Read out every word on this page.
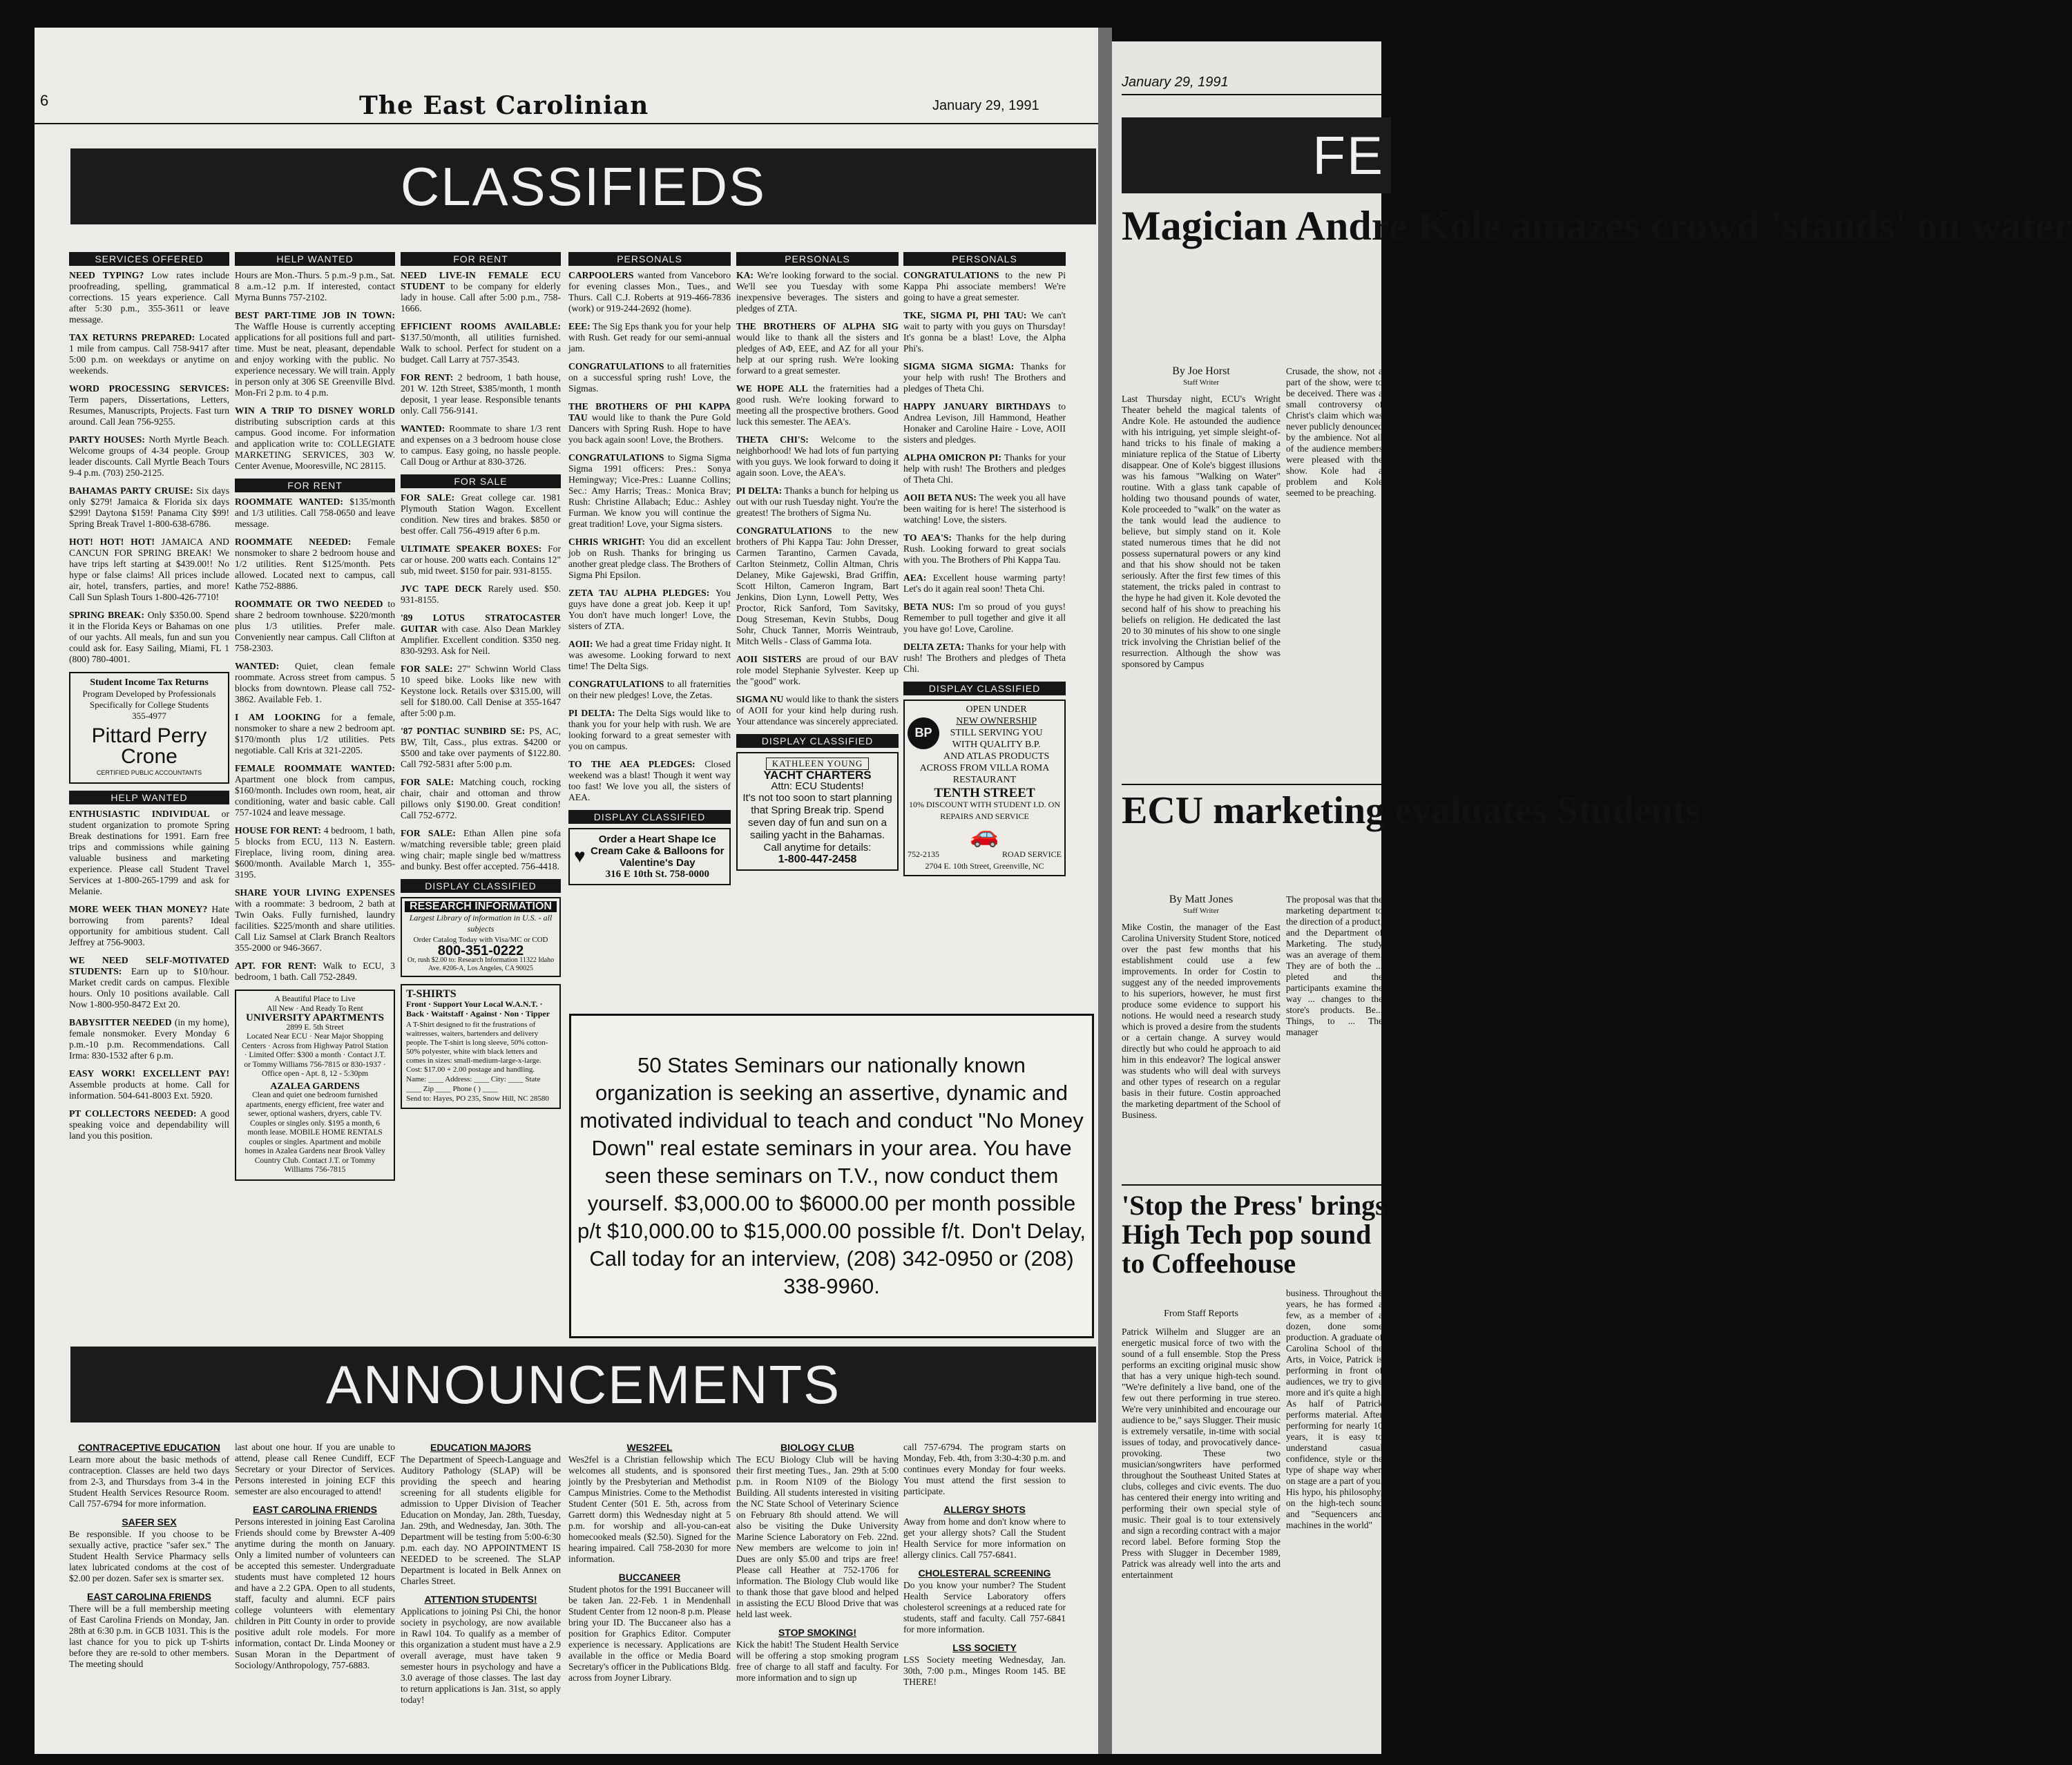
6	The East Carolinian	January 29, 1991
CLASSIFIEDS
SERVICES OFFERED
NEED TYPING? Low rates include proofreading, spelling, grammatical corrections. 15 years experience. Call after 5:30 p.m., 355-3611 or leave message.
TAX RETURNS PREPARED: Located 1 mile from campus. Call 758-9417 after 5:00 p.m. on weekdays or anytime on weekends.
WORD PROCESSING SERVICES: Term papers, Dissertations, Letters, Resumes, Manuscripts, Projects. Fast turn around. Call Jean 756-9255.
PARTY HOUSES: North Myrtle Beach. Welcome groups of 4-34 people. Group leader discounts. Call Myrtle Beach Tours 9-4 p.m. (703) 250-2125.
BAHAMAS PARTY CRUISE: Six days only $279! Jamaica & Florida six days $299! Daytona $159! Panama City $99! Spring Break Travel 1-800-638-6786.
HOT! HOT! HOT! JAMAICA AND CANCUN FOR SPRING BREAK! We have trips left starting at $439.00!! No hype or false claims! All prices include air, hotel, transfers, parties, and more! Call Sun Splash Tours 1-800-426-7710!
SPRING BREAK: Only $350.00. Spend it in the Florida Keys or Bahamas on one of our yachts. All meals, fun and sun you could ask for. Easy Sailing, Miami, FL 1 (800) 780-4001.
Student Income Tax Returns
Program Developed by Professionals Specifically for College Students
355-4977
Pittard Perry Crone
CERTIFIED PUBLIC ACCOUNTANTS
HELP WANTED
ENTHUSIASTIC INDIVIDUAL or student organization to promote Spring Break destinations for 1991. Earn free trips and commissions while gaining valuable business and marketing experience. Please call Student Travel Services at 1-800-265-1799 and ask for Melanie.
MORE WEEK THAN MONEY? Hate borrowing from parents? Ideal opportunity for ambitious student. Call Jeffrey at 756-9003.
WE NEED SELF-MOTIVATED STUDENTS: Earn up to $10/hour. Market credit cards on campus. Flexible hours. Only 10 positions available. Call Now 1-800-950-8472 Ext 20.
BABYSITTER NEEDED (in my home), female nonsmoker. Every Monday 6 p.m.-10 p.m. Recommendations. Call Irma: 830-1532 after 6 p.m.
EASY WORK! EXCELLENT PAY! Assemble products at home. Call for information. 504-641-8003 Ext. 5920.
PT COLLECTORS NEEDED: A good speaking voice and dependability will land you this position.
HELP WANTED
Hours are Mon.-Thurs. 5 p.m.-9 p.m., Sat. 8 a.m.-12 p.m. If interested, contact Myrna Bunns 757-2102.
BEST PART-TIME JOB IN TOWN: The Waffle House is currently accepting applications for all positions full and part-time. Must be neat, pleasant, dependable and enjoy working with the public. No experience necessary. We will train. Apply in person only at 306 SE Greenville Blvd. Mon-Fri 2 p.m. to 4 p.m.
WIN A TRIP TO DISNEY WORLD distributing subscription cards at this campus. Good income. For information and application write to: COLLEGIATE MARKETING SERVICES, 303 W. Center Avenue, Mooresville, NC 28115.
FOR RENT
ROOMMATE WANTED: $135/month and 1/3 utilities. Call 758-0650 and leave message.
ROOMMATE NEEDED: Female nonsmoker to share 2 bedroom house and 1/2 utilities. Rent $125/month. Pets allowed. Located next to campus, call Kathe 752-8886.
ROOMMATE OR TWO NEEDED to share 2 bedroom townhouse. $220/month plus 1/3 utilities. Prefer male. Conveniently near campus. Call Clifton at 758-2303.
WANTED: Quiet, clean female roommate. Across street from campus. 5 blocks from downtown. Please call 752-3862. Available Feb. 1.
I AM LOOKING for a female, nonsmoker to share a new 2 bedroom apt. $170/month plus 1/2 utilities. Pets negotiable. Call Kris at 321-2205.
FEMALE ROOMMATE WANTED: Apartment one block from campus, $160/month. Includes own room, heat, air conditioning, water and basic cable. Call 757-1024 and leave message.
HOUSE FOR RENT: 4 bedroom, 1 bath, 5 blocks from ECU, 113 N. Eastern. Fireplace, living room, dining area. $600/month. Available March 1, 355-3195.
SHARE YOUR LIVING EXPENSES with a roommate: 3 bedroom, 2 bath at Twin Oaks. Fully furnished, laundry facilities. $225/month and share utilities. Call Liz Samsel at Clark Branch Realtors 355-2000 or 946-3667.
APT. FOR RENT: Walk to ECU, 3 bedroom, 1 bath. Call 752-2849.
A Beautiful Place to Live
All New · And Ready To Rent
UNIVERSITY APARTMENTS
2899 E. 5th Street
Located Near ECU · Near Major Shopping Centers · Across from Highway Patrol Station · Limited Offer: $300 a month · Contact J.T. or Tommy Williams 756-7815 or 830-1937 · Office open - Apt. 8, 12 - 5:30pm
AZALEA GARDENS
Clean and quiet one bedroom furnished apartments, energy efficient, free water and sewer, optional washers, dryers, cable TV. Couples or singles only. $195 a month, 6 month lease. MOBILE HOME RENTALS couples or singles. Apartment and mobile homes in Azalea Gardens near Brook Valley Country Club. Contact J.T. or Tommy Williams 756-7815
FOR RENT
NEED LIVE-IN FEMALE ECU STUDENT to be company for elderly lady in house. Call after 5:00 p.m., 758-1666.
EFFICIENT ROOMS AVAILABLE: $137.50/month, all utilities furnished. Walk to school. Perfect for student on a budget. Call Larry at 757-3543.
FOR RENT: 2 bedroom, 1 bath house, 201 W. 12th Street, $385/month, 1 month deposit, 1 year lease. Responsible tenants only. Call 756-9141.
WANTED: Roommate to share 1/3 rent and expenses on a 3 bedroom house close to campus. Easy going, no hassle people. Call Doug or Arthur at 830-3726.
FOR SALE
FOR SALE: Great college car. 1981 Plymouth Station Wagon. Excellent condition. New tires and brakes. $850 or best offer. Call 756-4919 after 6 p.m.
ULTIMATE SPEAKER BOXES: For car or house. 200 watts each. Contains 12" sub, mid tweet. $150 for pair. 931-8155.
JVC TAPE DECK Rarely used. $50. 931-8155.
'89 LOTUS STRATOCASTER GUITAR with case. Also Dean Markley Amplifier. Excellent condition. $350 neg. 830-9293. Ask for Neil.
FOR SALE: 27" Schwinn World Class 10 speed bike. Looks like new with Keystone lock. Retails over $315.00, will sell for $180.00. Call Denise at 355-1647 after 5:00 p.m.
'87 PONTIAC SUNBIRD SE: PS, AC, BW, Tilt, Cass., plus extras. $4200 or $500 and take over payments of $122.80. Call 792-5831 after 5:00 p.m.
FOR SALE: Matching couch, rocking chair, chair and ottoman and throw pillows only $190.00. Great condition! Call 752-6772.
FOR SALE: Ethan Allen pine sofa w/matching reversible table; green plaid wing chair; maple single bed w/mattress and bunky. Best offer accepted. 756-4418.
DISPLAY CLASSIFIED
RESEARCH INFORMATION
Largest Library of information in U.S. - all subjects
Order Catalog Today with Visa/MC or COD
800-351-0222
Or, rush $2.00 to: Research Information 11322 Idaho Ave. #206-A, Los Angeles, CA 90025
T-SHIRTS
Front · Support Your Local W.A.N.T. · Back · Waitstaff · Against · Non · Tipper
A T-Shirt designed to fit the frustrations of waitresses, waiters, bartenders and delivery people. The T-shirt is long sleeve, 50% cotton-50% polyester, white with black letters and comes in sizes: small-medium-large-x-large. Cost: $17.00 + 2.00 postage and handling.
Name: ____ Address: ____ City: ____ State ____ Zip ____ Phone ( ) ____
Send to: Hayes, PO 235, Snow Hill, NC 28580
PERSONALS
CARPOOLERS wanted from Vanceboro for evening classes Mon., Tues., and Thurs. Call C.J. Roberts at 919-466-7836 (work) or 919-244-2692 (home).
EEE: The Sig Eps thank you for your help with Rush. Get ready for our semi-annual jam.
CONGRATULATIONS to all fraternities on a successful spring rush! Love, the Sigmas.
THE BROTHERS OF PHI KAPPA TAU would like to thank the Pure Gold Dancers with Spring Rush. Hope to have you back again soon! Love, the Brothers.
CONGRATULATIONS to Sigma Sigma Sigma 1991 officers: Pres.: Sonya Hemingway; Vice-Pres.: Luanne Collins; Sec.: Amy Harris; Treas.: Monica Brav; Rush: Christine Allabach; Educ.: Ashley Furman. We know you will continue the great tradition! Love, your Sigma sisters.
CHRIS WRIGHT: You did an excellent job on Rush. Thanks for bringing us another great pledge class. The Brothers of Sigma Phi Epsilon.
ZETA TAU ALPHA PLEDGES: You guys have done a great job. Keep it up! You don't have much longer! Love, the sisters of ZTA.
AOII: We had a great time Friday night. It was awesome. Looking forward to next time! The Delta Sigs.
CONGRATULATIONS to all fraternities on their new pledges! Love, the Zetas.
PI DELTA: The Delta Sigs would like to thank you for your help with rush. We are looking forward to a great semester with you on campus.
TO THE AEA PLEDGES: Closed weekend was a blast! Though it went way too fast! We love you all, the sisters of AEA.
DISPLAY CLASSIFIED
♥
Order a Heart Shape Ice Cream Cake & Balloons for Valentine's Day
316 E 10th St. 758-0000
PERSONALS
KA: We're looking forward to the social. We'll see you Tuesday with some inexpensive beverages. The sisters and pledges of ZTA.
THE BROTHERS OF ALPHA SIG would like to thank all the sisters and pledges of AΦ, EEE, and AZ for all your help at our spring rush. We're looking forward to a great semester.
WE HOPE ALL the fraternities had a good rush. We're looking forward to meeting all the prospective brothers. Good luck this semester. The AEA's.
THETA CHI'S: Welcome to the neighborhood! We had lots of fun partying with you guys. We look forward to doing it again soon. Love, the AEA's.
PI DELTA: Thanks a bunch for helping us out with our rush Tuesday night. You're the greatest! The brothers of Sigma Nu.
CONGRATULATIONS to the new brothers of Phi Kappa Tau: John Dresser, Carmen Tarantino, Carmen Cavada, Carlton Steinmetz, Collin Altman, Chris Delaney, Mike Gajewski, Brad Griffin, Scott Hilton, Cameron Ingram, Bart Jenkins, Dion Lynn, Lowell Petty, Wes Proctor, Rick Sanford, Tom Savitsky, Doug Streseman, Kevin Stubbs, Doug Sohr, Chuck Tanner, Morris Weintraub, Mitch Wells - Class of Gamma Iota.
AOII SISTERS are proud of our BAV role model Stephanie Sylvester. Keep up the "good" work.
SIGMA NU would like to thank the sisters of AOII for your kind help during rush. Your attendance was sincerely appreciated.
DISPLAY CLASSIFIED
KATHLEEN YOUNG
YACHT CHARTERS
Attn: ECU Students!
It's not too soon to start planning that Spring Break trip. Spend seven day of fun and sun on a sailing yacht in the Bahamas. Call anytime for details:
1-800-447-2458
PERSONALS
CONGRATULATIONS to the new Pi Kappa Phi associate members! We're going to have a great semester.
TKE, SIGMA PI, PHI TAU: We can't wait to party with you guys on Thursday! It's gonna be a blast! Love, the Alpha Phi's.
SIGMA SIGMA SIGMA: Thanks for your help with rush! The Brothers and pledges of Theta Chi.
HAPPY JANUARY BIRTHDAYS to Andrea Levison, Jill Hammond, Heather Honaker and Caroline Haire - Love, AOII sisters and pledges.
ALPHA OMICRON PI: Thanks for your help with rush! The Brothers and pledges of Theta Chi.
AOII BETA NUS: The week you all have been waiting for is here! The sisterhood is watching! Love, the sisters.
TO AEA'S: Thanks for the help during Rush. Looking forward to great socials with you. The Brothers of Phi Kappa Tau.
AEA: Excellent house warming party! Let's do it again real soon! Theta Chi.
BETA NUS: I'm so proud of you guys! Remember to pull together and give it all you have go! Love, Caroline.
DELTA ZETA: Thanks for your help with rush! The Brothers and pledges of Theta Chi.
DISPLAY CLASSIFIED
BP
OPEN UNDER
NEW OWNERSHIP
STILL SERVING YOU
WITH QUALITY B.P.
AND ATLAS PRODUCTS
ACROSS FROM VILLA ROMA
RESTAURANT
TENTH STREET
10% DISCOUNT WITH STUDENT I.D. ON REPAIRS AND SERVICE
🚗
752-2135	ROAD SERVICE
2704 E. 10th Street, Greenville, NC
50 States Seminars our nationally known organization is seeking an assertive, dynamic and motivated individual to teach and conduct "No Money Down" real estate seminars in your area. You have seen these seminars on T.V., now conduct them yourself. $3,000.00 to $6000.00 per month possible p/t $10,000.00 to $15,000.00 possible f/t. Don't Delay, Call today for an interview, (208) 342-0950 or (208) 338-9960.
ANNOUNCEMENTS
CONTRACEPTIVE EDUCATION
Learn more about the basic methods of contraception. Classes are held two days from 2-3, and Thursdays from 3-4 in the Student Health Services Resource Room. Call 757-6794 for more information.
SAFER SEX
Be responsible. If you choose to be sexually active, practice "safer sex." The Student Health Service Pharmacy sells latex lubricated condoms at the cost of $2.00 per dozen. Safer sex is smarter sex.
EAST CAROLINA FRIENDS
There will be a full membership meeting of East Carolina Friends on Monday, Jan. 28th at 6:30 p.m. in GCB 1031. This is the last chance for you to pick up T-shirts before they are re-sold to other members. The meeting should
last about one hour. If you are unable to attend, please call Renee Cundiff, ECF Secretary or your Director of Services. Persons interested in joining ECF this semester are also encouraged to attend!
EAST CAROLINA FRIENDS
Persons interested in joining East Carolina Friends should come by Brewster A-409 anytime during the month on January. Only a limited number of volunteers can be accepted this semester. Undergraduate students must have completed 12 hours and have a 2.2 GPA. Open to all students, staff, faculty and alumni. ECF pairs college volunteers with elementary children in Pitt County in order to provide positive adult role models. For more information, contact Dr. Linda Mooney or Susan Moran in the Department of Sociology/Anthropology, 757-6883.
EDUCATION MAJORS
The Department of Speech-Language and Auditory Pathology (SLAP) will be providing the speech and hearing screening for all students eligible for admission to Upper Division of Teacher Education on Monday, Jan. 28th, Tuesday, Jan. 29th, and Wednesday, Jan. 30th. The Department will be testing from 5:00-6:30 p.m. each day. NO APPOINTMENT IS NEEDED to be screened. The SLAP Department is located in Belk Annex on Charles Street.
ATTENTION STUDENTS!
Applications to joining Psi Chi, the honor society in psychology, are now available in Rawl 104. To qualify as a member of this organization a student must have a 2.9 overall average, must have taken 9 semester hours in psychology and have a 3.0 average of those classes. The last day to return applications is Jan. 31st, so apply today!
WES2FEL
Wes2fel is a Christian fellowship which welcomes all students, and is sponsored jointly by the Presbyterian and Methodist Campus Ministries. Come to the Methodist Student Center (501 E. 5th, across from Garrett dorm) this Wednesday night at 5 p.m. for worship and all-you-can-eat homecooked meals ($2.50). Signed for the hearing impaired. Call 758-2030 for more information.
BUCCANEER
Student photos for the 1991 Buccaneer will be taken Jan. 22-Feb. 1 in Mendenhall Student Center from 12 noon-8 p.m. Please bring your ID. The Buccaneer also has a position for Graphics Editor. Computer experience is necessary. Applications are available in the office or Media Board Secretary's officer in the Publications Bldg. across from Joyner Library.
BIOLOGY CLUB
The ECU Biology Club will be having their first meeting Tues., Jan. 29th at 5:00 p.m. in Room N109 of the Biology Building. All students interested in visiting the NC State School of Veterinary Science on February 8th should attend. We will also be visiting the Duke University Marine Science Laboratory on Feb. 22nd. New members are welcome to join in! Dues are only $5.00 and trips are free! Please call Heather at 752-1706 for information. The Biology Club would like to thank those that gave blood and helped in assisting the ECU Blood Drive that was held last week.
STOP SMOKING!
Kick the habit! The Student Health Service will be offering a stop smoking program free of charge to all staff and faculty. For more information and to sign up
call 757-6794. The program starts on Monday, Feb. 4th, from 3:30-4:30 p.m. and continues every Monday for four weeks. You must attend the first session to participate.
ALLERGY SHOTS
Away from home and don't know where to get your allergy shots? Call the Student Health Service for more information on allergy clinics. Call 757-6841.
CHOLESTERAL SCREENING
Do you know your number? The Student Health Service Laboratory offers cholesterol screenings at a reduced rate for students, staff and faculty. Call 757-6841 for more information.
LSS SOCIETY
LSS Society meeting Wednesday, Jan. 30th, 7:00 p.m., Minges Room 145. BE THERE!
January 29, 1991
FE
Magician Andre Kole amazes crowd 'stands' on water
By Joe Horst
Staff Writer
Last Thursday night, ECU's Wright Theater beheld the magical talents of Andre Kole. He astounded the audience with his intriguing, yet simple sleight-of-hand tricks to his finale of making a miniature replica of the Statue of Liberty disappear. One of Kole's biggest illusions was his famous "Walking on Water" routine. With a glass tank capable of holding two thousand pounds of water, Kole proceeded to "walk" on the water as the tank would lead the audience to believe, but simply stand on it. Kole stated numerous times that he did not possess supernatural powers or any kind and that his show should not be taken seriously. After the first few times of this statement, the tricks paled in contrast to the hype he had given it. Kole devoted the second half of his show to preaching his beliefs on religion. He dedicated the last 20 to 30 minutes of his show to one single trick involving the Christian belief of the resurrection. Although the show was sponsored by Campus
Crusade, the show, not a part of the show, were to be deceived. There was a small controversy of Christ's claim which was never publicly denounced by the ambience. Not all of the audience members were pleased with the show. Kole had a problem and Kole seemed to be preaching.
ECU marketing evaluates Students
By Matt Jones
Staff Writer
Mike Costin, the manager of the East Carolina University Student Store, noticed over the past few months that his establishment could use a few improvements. In order for Costin to suggest any of the needed improvements to his superiors, however, he must first produce some evidence to support his notions. He would need a research study which is proved a desire from the students or a certain change. A survey would directly but who could he approach to aid him in this endeavor? The logical answer was students who will deal with surveys and other types of research on a regular basis in their future. Costin approached the marketing department of the School of Business.
The proposal was that the marketing department to the direction of a product, and the Department of Marketing. The study was an average of them. They are of both the ... pleted and the participants examine the way ... changes to the store's products. Be... Things, to ... The manager
'Stop the Press' brings High Tech pop sound to Coffeehouse
From Staff Reports
Patrick Wilhelm and Slugger are an energetic musical force of two with the sound of a full ensemble. Stop the Press performs an exciting original music show that has a very unique high-tech sound. "We're definitely a live band, one of the few out there performing in true stereo. We're very uninhibited and encourage our audience to be," says Slugger. Their music is extremely versatile, in-time with social issues of today, and provocatively dance-provoking. These two musician/songwriters have performed throughout the Southeast United States at clubs, colleges and civic events. The duo has centered their energy into writing and performing their own special style of music. Their goal is to tour extensively and sign a recording contract with a major record label. Before forming Stop the Press with Slugger in December 1989, Patrick was already well into the arts and entertainment
business. Throughout the years, he has formed a few, as a member of a dozen, done some production. A graduate of Carolina School of the Arts, in Voice, Patrick is performing in front of audiences, we try to give more and it's quite a high. As half of Patrick performs material. After performing for nearly 10 years, it is easy to understand casual confidence, style or the type of shape way when on stage are a part of you. His hypo, his philosophy, on the high-tech sound and "Sequencers and machines in the world"
